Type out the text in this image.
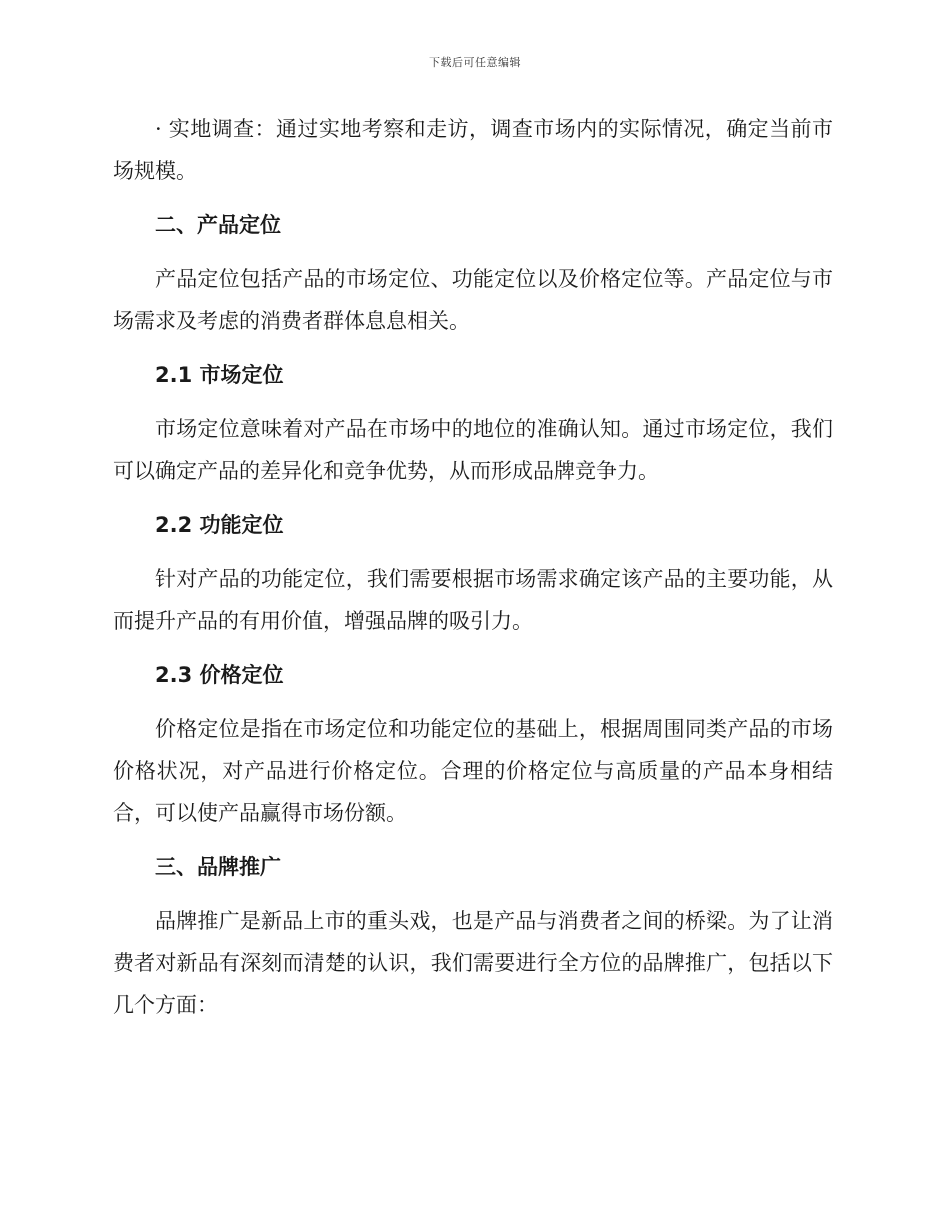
下载后可任意编辑

· 实地调查：通过实地考察和走访，调查市场内的实际情况，确定当前市场规模。

二、产品定位

产品定位包括产品的市场定位、功能定位以及价格定位等。产品定位与市场需求及考虑的消费者群体息息相关。

2.1 市场定位

市场定位意味着对产品在市场中的地位的准确认知。通过市场定位，我们可以确定产品的差异化和竞争优势，从而形成品牌竞争力。

2.2 功能定位

针对产品的功能定位，我们需要根据市场需求确定该产品的主要功能，从而提升产品的有用价值，增强品牌的吸引力。

2.3 价格定位

价格定位是指在市场定位和功能定位的基础上，根据周围同类产品的市场价格状况，对产品进行价格定位。合理的价格定位与高质量的产品本身相结合，可以使产品赢得市场份额。

三、品牌推广

品牌推广是新品上市的重头戏，也是产品与消费者之间的桥梁。为了让消费者对新品有深刻而清楚的认识，我们需要进行全方位的品牌推广，包括以下几个方面：
